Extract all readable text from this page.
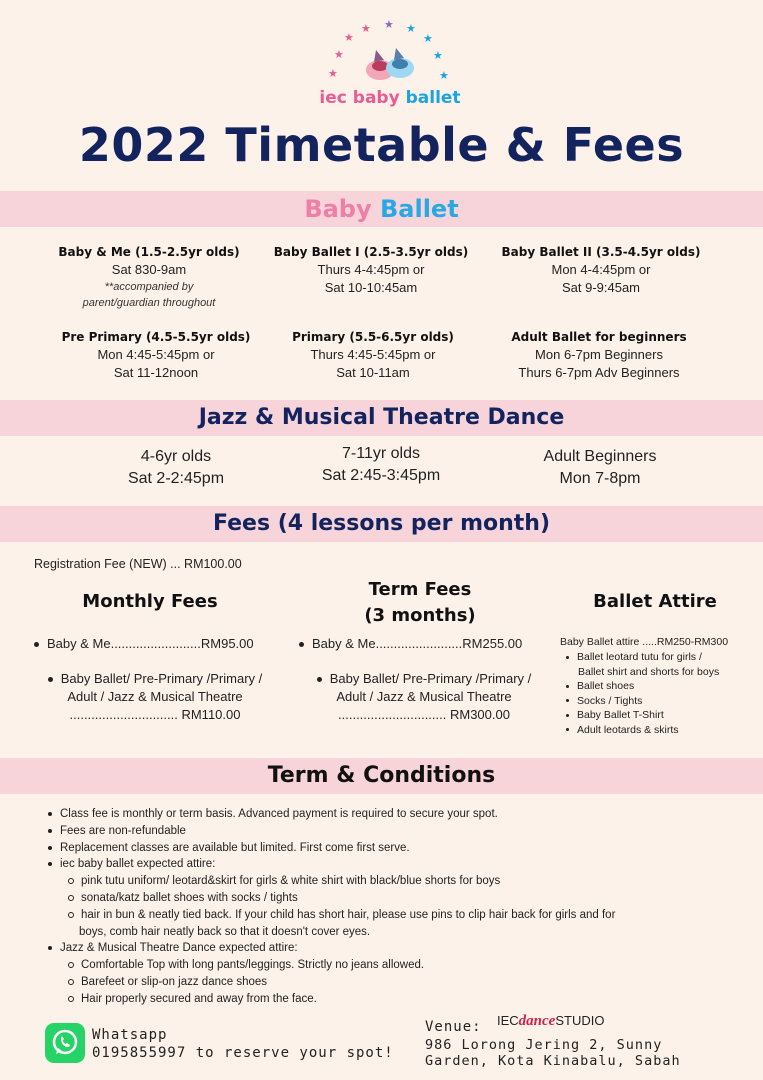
★
★
★
★ ★ ★
★
★
★
iec baby ballet
2022 Timetable & Fees
Baby Ballet
Baby & Me (1.5-2.5yr olds)
Sat 830-9am
**accompanied by
parent/guardian throughout
Baby Ballet I (2.5-3.5yr olds)
Thurs 4-4:45pm or
Sat 10-10:45am
Baby Ballet II (3.5-4.5yr olds)
Mon 4-4:45pm or
Sat 9-9:45am
Pre Primary (4.5-5.5yr olds)
Mon 4:45-5:45pm or
Sat 11-12noon
Primary (5.5-6.5yr olds)
Thurs 4:45-5:45pm or
Sat 10-11am
Adult Ballet for beginners
Mon 6-7pm Beginners
Thurs 6-7pm Adv Beginners
Jazz & Musical Theatre Dance
4-6yr olds
Sat 2-2:45pm
7-11yr olds
Sat 2:45-3:45pm
Adult Beginners
Mon 7-8pm
Fees (4 lessons per month)
Registration Fee (NEW) ... RM100.00
Monthly Fees
Baby & Me.........................RM95.00
Baby Ballet/ Pre-Primary /Primary /
Adult / Jazz & Musical Theatre
.............................. RM110.00
Term Fees
(3 months)
Baby & Me........................RM255.00
Baby Ballet/ Pre-Primary /Primary /
Adult / Jazz & Musical Theatre
.............................. RM300.00
Ballet Attire
Baby Ballet attire .....RM250-RM300
Ballet leotard tutu for girls /
Ballet shirt and shorts for boys
Ballet shoes
Socks / Tights
Baby Ballet T-Shirt
Adult leotards & skirts
Term & Conditions
Class fee is monthly or term basis. Advanced payment is required to secure your spot.
Fees are non-refundable
Replacement classes are available but limited. First come first serve.
iec baby ballet expected attire:
pink tutu uniform/ leotard&skirt for girls & white shirt with black/blue shorts for boys
sonata/katz ballet shoes with socks / tights
hair in bun & neatly tied back. If your child has short hair, please use pins to clip hair back for girls and for
boys, comb hair neatly back so that it doesn't cover eyes.
Jazz & Musical Theatre Dance expected attire:
Comfortable Top with long pants/leggings. Strictly no jeans allowed.
Barefeet or slip-on jazz dance shoes
Hair properly secured and away from the face.
Whatsapp
0195855997 to reserve your spot!
Venue: IECdanceSTUDIO
986 Lorong Jering 2, Sunny
Garden, Kota Kinabalu, Sabah
